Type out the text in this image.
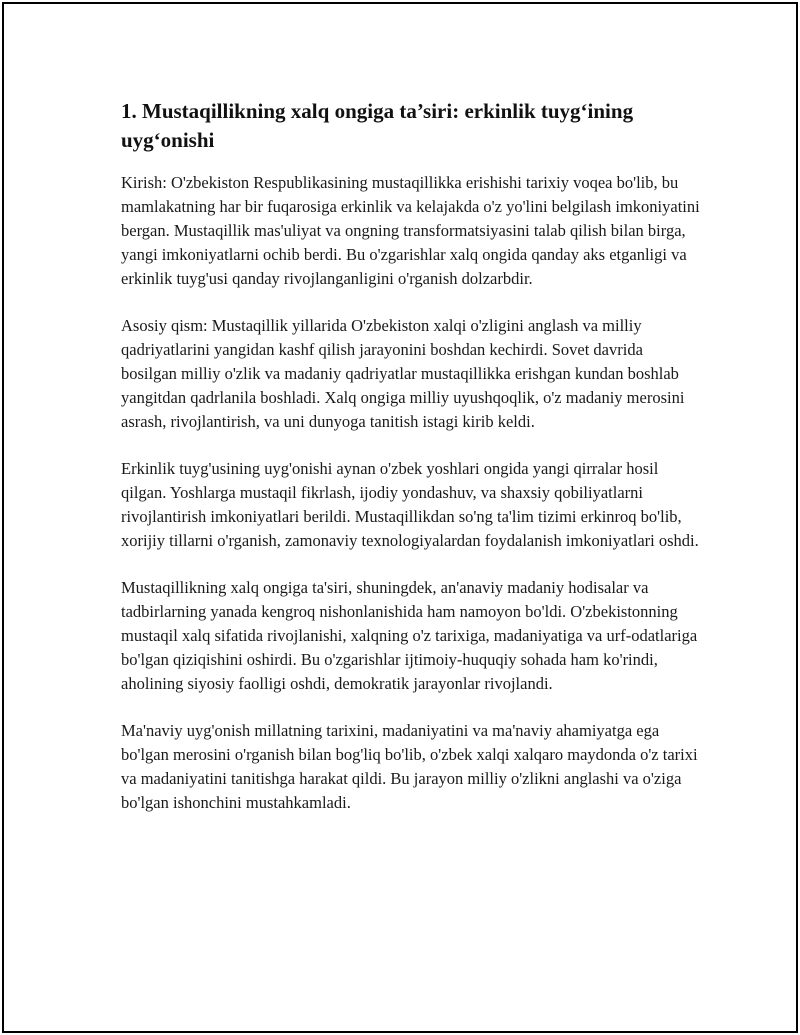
1. Mustaqillikning xalq ongiga ta’siri: erkinlik tuyg‘ining uyg‘onishi

Kirish: O'zbekiston Respublikasining mustaqillikka erishishi tarixiy voqea bo'lib, bu mamlakatning har bir fuqarosiga erkinlik va kelajakda o'z yo'lini belgilash imkoniyatini bergan. Mustaqillik mas'uliyat va ongning transformatsiyasini talab qilish bilan birga, yangi imkoniyatlarni ochib berdi. Bu o'zgarishlar xalq ongida qanday aks etganligi va erkinlik tuyg'usi qanday rivojlanganligini o'rganish dolzarbdir.

Asosiy qism: Mustaqillik yillarida O'zbekiston xalqi o'zligini anglash va milliy qadriyatlarini yangidan kashf qilish jarayonini boshdan kechirdi. Sovet davrida bosilgan milliy o'zlik va madaniy qadriyatlar mustaqillikka erishgan kundan boshlab yangitdan qadrlanila boshladi. Xalq ongiga milliy uyushqoqlik, o'z madaniy merosini asrash, rivojlantirish, va uni dunyoga tanitish istagi kirib keldi.

Erkinlik tuyg'usining uyg'onishi aynan o'zbek yoshlari ongida yangi qirralar hosil qilgan. Yoshlarga mustaqil fikrlash, ijodiy yondashuv, va shaxsiy qobiliyatlarni rivojlantirish imkoniyatlari berildi. Mustaqillikdan so'ng ta'lim tizimi erkinroq bo'lib, xorijiy tillarni o'rganish, zamonaviy texnologiyalardan foydalanish imkoniyatlari oshdi.

Mustaqillikning xalq ongiga ta'siri, shuningdek, an'anaviy madaniy hodisalar va tadbirlarning yanada kengroq nishonlanishida ham namoyon bo'ldi. O'zbekistonning mustaqil xalq sifatida rivojlanishi, xalqning o'z tarixiga, madaniyatiga va urf-odatlariga bo'lgan qiziqishini oshirdi. Bu o'zgarishlar ijtimoiy-huquqiy sohada ham ko'rindi, aholining siyosiy faolligi oshdi, demokratik jarayonlar rivojlandi.

Ma'naviy uyg'onish millatning tarixini, madaniyatini va ma'naviy ahamiyatga ega bo'lgan merosini o'rganish bilan bog'liq bo'lib, o'zbek xalqi xalqaro maydonda o'z tarixi va madaniyatini tanitishga harakat qildi. Bu jarayon milliy o'zlikni anglashi va o'ziga bo'lgan ishonchini mustahkamladi.
